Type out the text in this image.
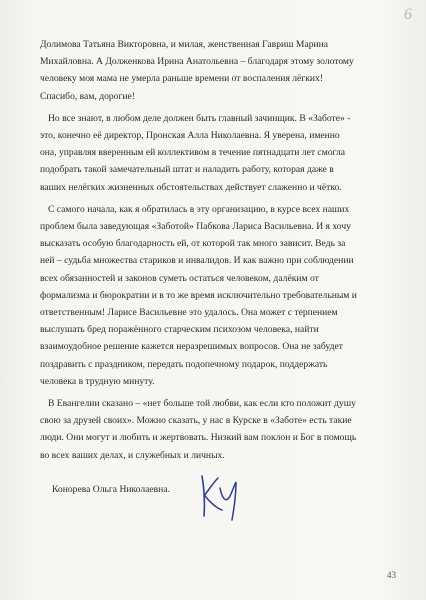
6
Долимова Татьяна Викторовна, и милая, женственная Гавриш Марина
Михайловна. А Долженкова Ирина Анатольевна – благодаря этому золотому
человеку моя мама не умерла раньше времени от воспаления лёгких!
Спасибо, вам, дорогие!
Но все знают, в любом деле должен быть главный зачинщик. В «Заботе» -
это, конечно её директор, Пронская Алла Николаевна. Я уверена, именно
она, управляя вверенным ей коллективом в течение пятнадцати лет смогла
подобрать такой замечательный штат и наладить работу, которая даже в
ваших нелёгких жизненных обстоятельствах действует слаженно и чётко.
С самого начала, как я обратилась в эту организацию, в курсе всех наших
проблем была заведующая «Заботой» Пабкова Лариса Васильевна. И я хочу
высказать особую благодарность ей, от которой так много зависит. Ведь за
ней – судьба множества стариков и инвалидов. И как важно при соблюдении
всех обязанностей и законов суметь остаться человеком, далёким от
формализма и бюрократии и в то же время исключительно требовательным и
ответственным! Ларисе Васильевне это удалось. Она может с терпением
выслушать бред поражённого старческим психозом человека, найти
взаимоудобное решение кажется неразрешимых вопросов. Она не забудет
поздравить с праздником, передать подопечному подарок, поддержать
человека в трудную минуту.
В Евангелии сказано – «нет больше той любви, как если кто положит душу
свою за друзей своих». Можно сказать, у нас в Курске в «Заботе» есть такие
люди. Они могут и любить и жертвовать. Низкий вам поклон и Бог в помощь
во всех ваших делах, и служебных и личных.
Конорева Ольга Николаевна.
43
